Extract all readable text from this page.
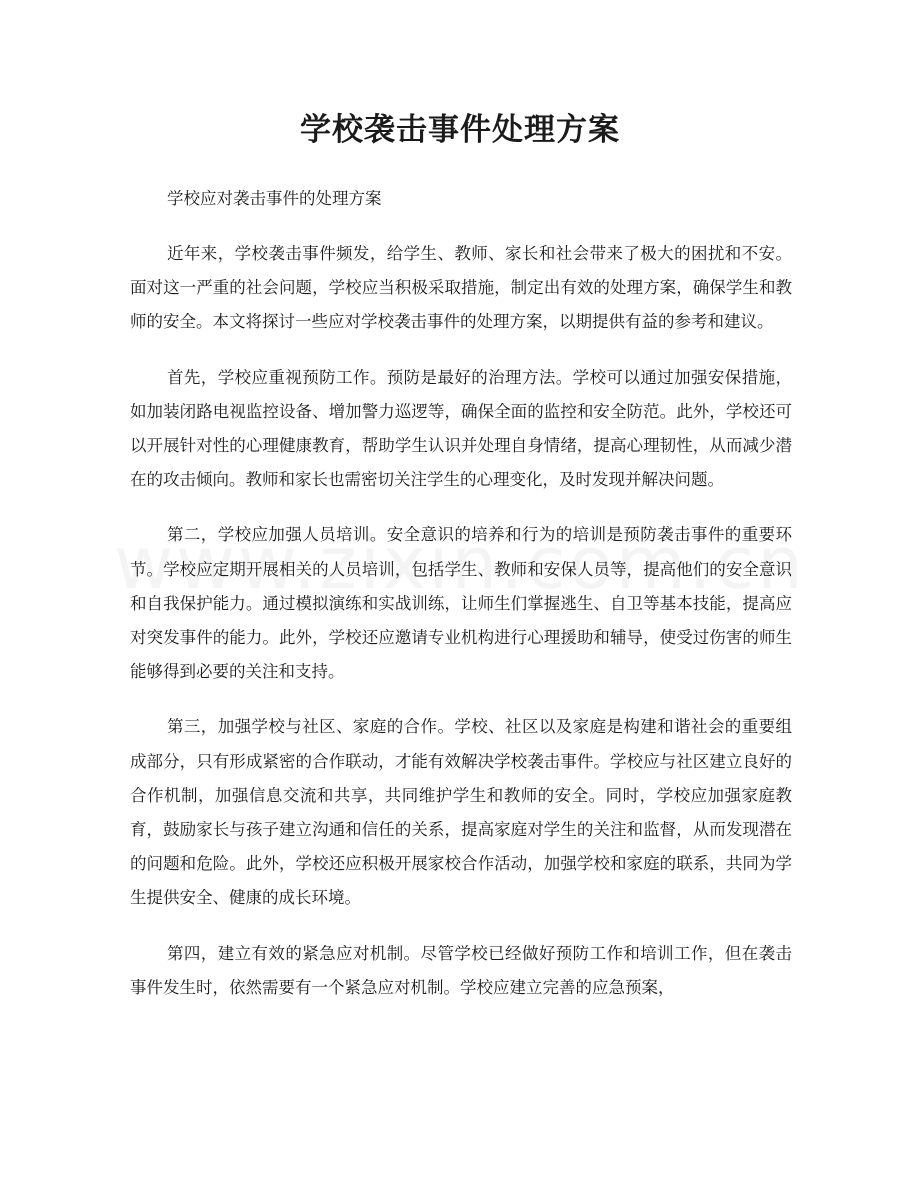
学校袭击事件处理方案

学校应对袭击事件的处理方案

近年来，学校袭击事件频发，给学生、教师、家长和社会带来了极大的困扰和不安。面对这一严重的社会问题，学校应当积极采取措施，制定出有效的处理方案，确保学生和教师的安全。本文将探讨一些应对学校袭击事件的处理方案，以期提供有益的参考和建议。

首先，学校应重视预防工作。预防是最好的治理方法。学校可以通过加强安保措施，如加装闭路电视监控设备、增加警力巡逻等，确保全面的监控和安全防范。此外，学校还可以开展针对性的心理健康教育，帮助学生认识并处理自身情绪，提高心理韧性，从而减少潜在的攻击倾向。教师和家长也需密切关注学生的心理变化，及时发现并解决问题。

第二，学校应加强人员培训。安全意识的培养和行为的培训是预防袭击事件的重要环节。学校应定期开展相关的人员培训，包括学生、教师和安保人员等，提高他们的安全意识和自我保护能力。通过模拟演练和实战训练，让师生们掌握逃生、自卫等基本技能，提高应对突发事件的能力。此外，学校还应邀请专业机构进行心理援助和辅导，使受过伤害的师生能够得到必要的关注和支持。

第三，加强学校与社区、家庭的合作。学校、社区以及家庭是构建和谐社会的重要组成部分，只有形成紧密的合作联动，才能有效解决学校袭击事件。学校应与社区建立良好的合作机制，加强信息交流和共享，共同维护学生和教师的安全。同时，学校应加强家庭教育，鼓励家长与孩子建立沟通和信任的关系，提高家庭对学生的关注和监督，从而发现潜在的问题和危险。此外，学校还应积极开展家校合作活动，加强学校和家庭的联系，共同为学生提供安全、健康的成长环境。

第四，建立有效的紧急应对机制。尽管学校已经做好预防工作和培训工作，但在袭击事件发生时，依然需要有一个紧急应对机制。学校应建立完善的应急预案，
